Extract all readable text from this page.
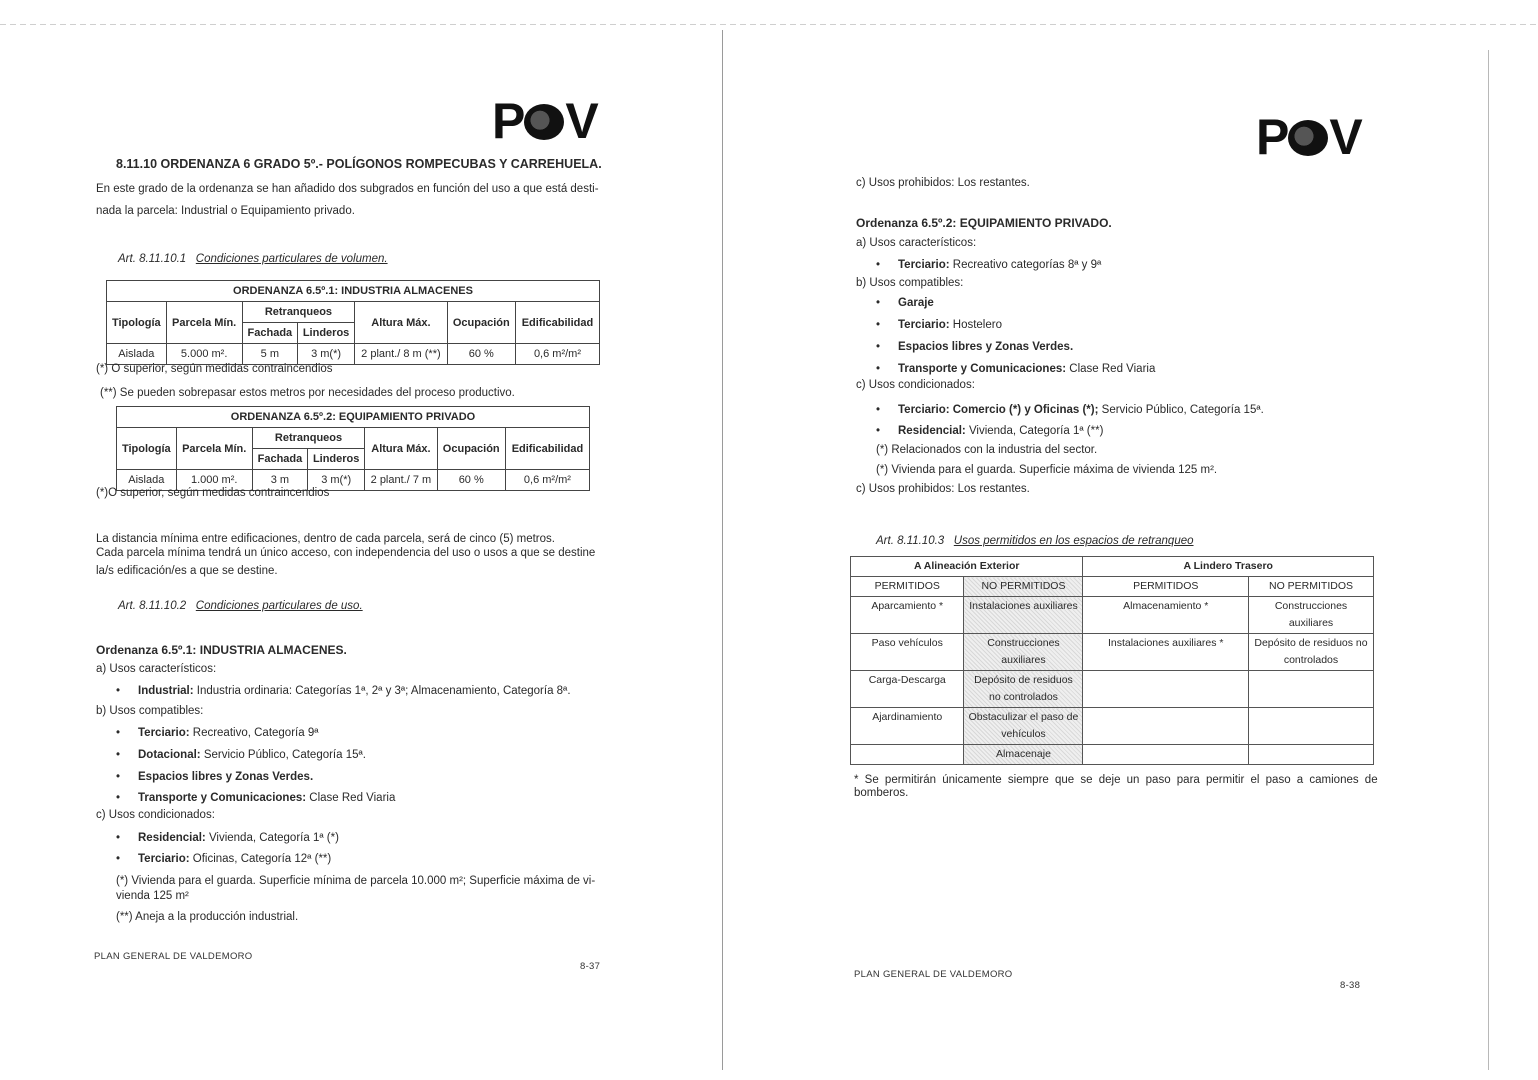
P V
8.11.10 ORDENANZA 6 GRADO 5º.- POLÍGONOS ROMPECUBAS Y CARREHUELA.
En este grado de la ordenanza se han añadido dos subgrados en función del uso a que está desti-
nada la parcela: Industrial o Equipamiento privado.
Art. 8.11.10.1 Condiciones particulares de volumen.
ORDENANZA 6.5º.1: INDUSTRIA ALMACENES						
Tipología	Parcela Mín.	Retranqueos		Altura Máx.	Ocupación	Edificabilidad
		Fachada	Linderos			
Aislada	5.000 m².	5 m	3 m(*)	2 plant./ 8 m (**)	60 %	0,6 m²/m²
(*) O superior, según medidas contraincendios
(**) Se pueden sobrepasar estos metros por necesidades del proceso productivo.
ORDENANZA 6.5º.2: EQUIPAMIENTO PRIVADO						
Tipología	Parcela Mín.	Retranqueos		Altura Máx.	Ocupación	Edificabilidad
		Fachada	Linderos			
Aislada	1.000 m².	3 m	3 m(*)	2 plant./ 7 m	60 %	0,6 m²/m²
(*)O superior, según medidas contraincendios
La distancia mínima entre edificaciones, dentro de cada parcela, será de cinco (5) metros.
Cada parcela mínima tendrá un único acceso, con independencia del uso o usos a que se destine
la/s edificación/es a que se destine.
Art. 8.11.10.2 Condiciones particulares de uso.
Ordenanza 6.5º.1: INDUSTRIA ALMACENES.
a) Usos característicos:
• Industrial: Industria ordinaria: Categorías 1ª, 2ª y 3ª; Almacenamiento, Categoría 8ª.
b) Usos compatibles:
• Terciario: Recreativo, Categoría 9ª
• Dotacional: Servicio Público, Categoría 15ª.
• Espacios libres y Zonas Verdes.
• Transporte y Comunicaciones: Clase Red Viaria
c) Usos condicionados:
• Residencial: Vivienda, Categoría 1ª (*)
• Terciario: Oficinas, Categoría 12ª (**)
(*) Vivienda para el guarda. Superficie mínima de parcela 10.000 m²; Superficie máxima de vi-
vienda 125 m²
(**) Aneja a la producción industrial.
PLAN GENERAL DE VALDEMORO
8-37
P V
c) Usos prohibidos: Los restantes.
Ordenanza 6.5º.2: EQUIPAMIENTO PRIVADO.
a) Usos característicos:
• Terciario: Recreativo categorías 8ª y 9ª
b) Usos compatibles:
• Garaje
• Terciario: Hostelero
• Espacios libres y Zonas Verdes.
• Transporte y Comunicaciones: Clase Red Viaria
c) Usos condicionados:
• Terciario: Comercio (*) y Oficinas (*); Servicio Público, Categoría 15ª.
• Residencial: Vivienda, Categoría 1ª (**)
(*) Relacionados con la industria del sector.
(*) Vivienda para el guarda. Superficie máxima de vivienda 125 m².
c) Usos prohibidos: Los restantes.
Art. 8.11.10.3 Usos permitidos en los espacios de retranqueo
A Alineación Exterior		A Lindero Trasero	
PERMITIDOS	NO PERMITIDOS	PERMITIDOS	NO PERMITIDOS
Aparcamiento *	Instalaciones auxiliares	Almacenamiento *	Construcciones auxiliares
Paso vehículos	Construcciones auxiliares	Instalaciones auxiliares *	Depósito de residuos no controlados
Carga-Descarga	Depósito de residuos no controlados		
Ajardinamiento	Obstaculizar el paso de vehículos		
	Almacenaje		
* Se permitirán únicamente siempre que se deje un paso para permitir el paso a camiones de
bomberos.
PLAN GENERAL DE VALDEMORO
8-38
